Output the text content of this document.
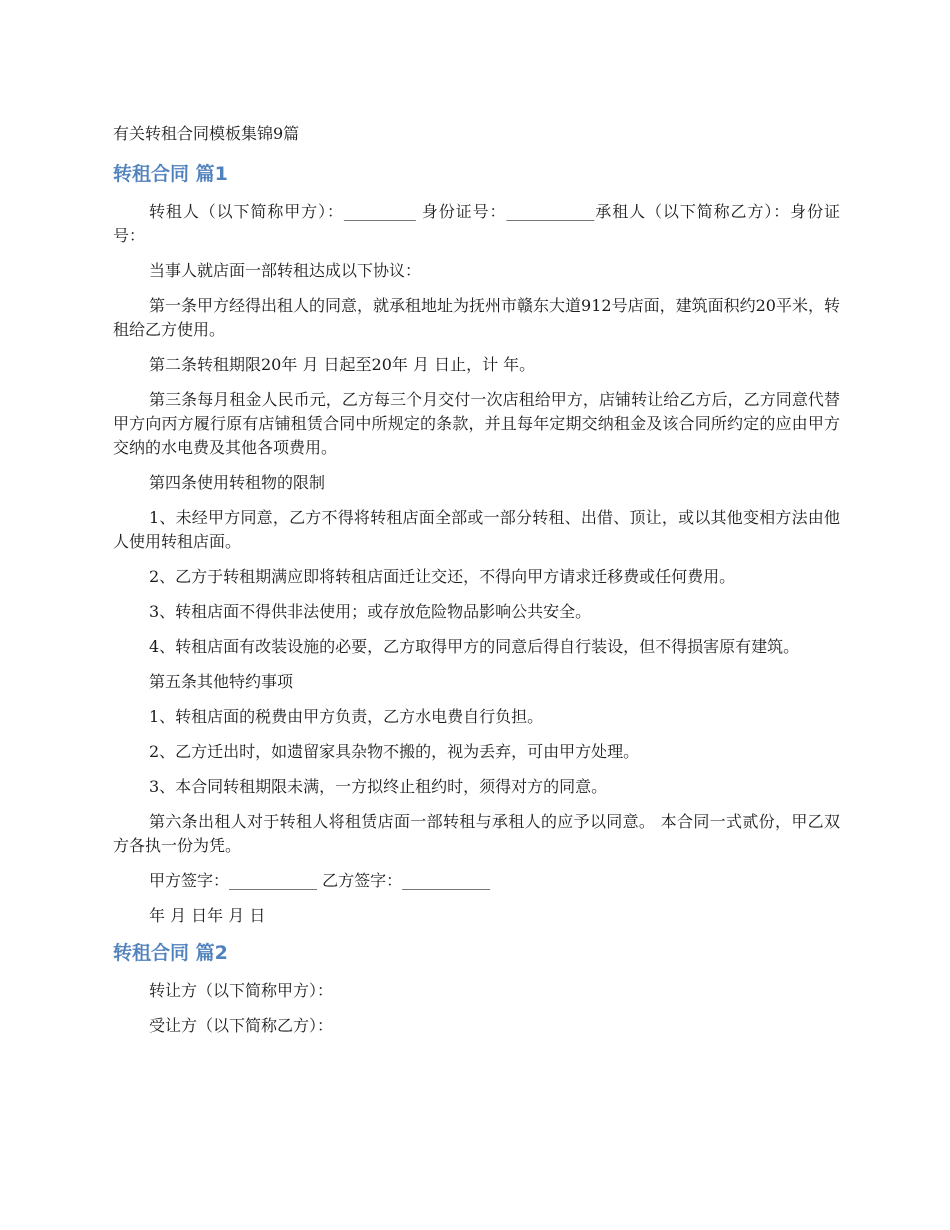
有关转租合同模板集锦9篇

转租合同 篇1

转租人（以下简称甲方）：_________ 身份证号：___________承租人（以下简称乙方）：身份证号：

当事人就店面一部转租达成以下协议：

第一条甲方经得出租人的同意，就承租地址为抚州市赣东大道912号店面，建筑面积约20平米，转租给乙方使用。

第二条转租期限20年 月 日起至20年 月 日止，计 年。

第三条每月租金人民币元，乙方每三个月交付一次店租给甲方，店铺转让给乙方后，乙方同意代替甲方向丙方履行原有店铺租赁合同中所规定的条款，并且每年定期交纳租金及该合同所约定的应由甲方交纳的水电费及其他各项费用。

第四条使用转租物的限制

1、未经甲方同意，乙方不得将转租店面全部或一部分转租、出借、顶让，或以其他变相方法由他人使用转租店面。

2、乙方于转租期满应即将转租店面迁让交还，不得向甲方请求迁移费或任何费用。

3、转租店面不得供非法使用；或存放危险物品影响公共安全。

4、转租店面有改装设施的必要，乙方取得甲方的同意后得自行装设，但不得损害原有建筑。

第五条其他特约事项

1、转租店面的税费由甲方负责，乙方水电费自行负担。

2、乙方迁出时，如遗留家具杂物不搬的，视为丢弃，可由甲方处理。

3、本合同转租期限未满，一方拟终止租约时，须得对方的同意。

第六条出租人对于转租人将租赁店面一部转租与承租人的应予以同意。 本合同一式贰份，甲乙双方各执一份为凭。

甲方签字：___________ 乙方签字：___________

年 月 日年 月 日

转租合同 篇2

转让方（以下简称甲方）：

受让方（以下简称乙方）：
